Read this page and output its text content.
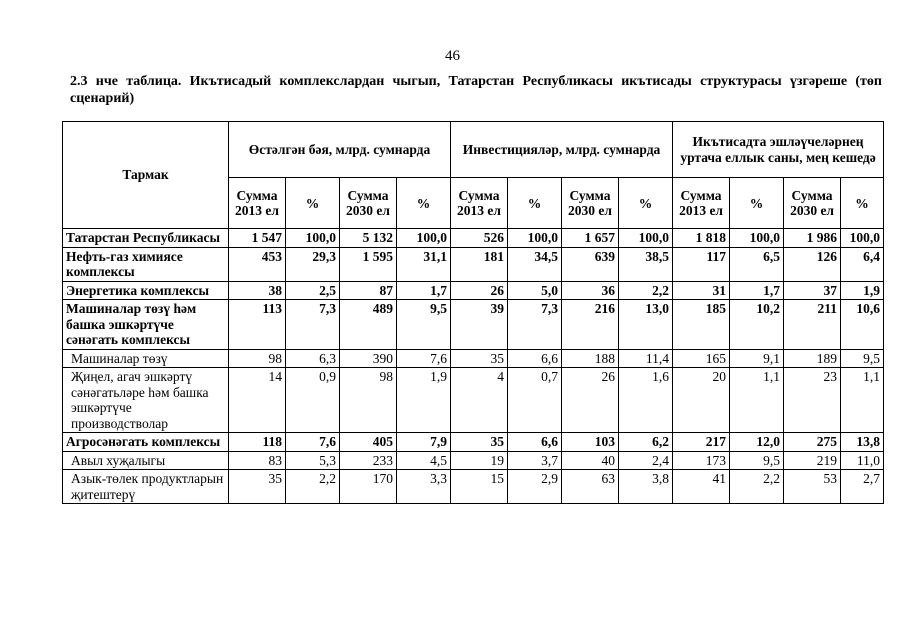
46
2.3 нче таблица. Икътисадый комплекслардан чыгып, Татарстан Республикасы икътисады структурасы үзгәреше (төп сценарий)
Тармак	Өстәлгән бәя, млрд. сумнарда				Инвестицияләр, млрд. сумнарда				Икътисадта эшләүчеләрнең уртача еллык саны, мең кешедә			
	Сумма 2013 ел	%	Сумма 2030 ел	%	Сумма 2013 ел	%	Сумма 2030 ел	%	Сумма 2013 ел	%	Сумма 2030 ел	%
Татарстан Республикасы	1 547	100,0	5 132	100,0	526	100,0	1 657	100,0	1 818	100,0	1 986	100,0
Нефть-газ химиясе комплексы	453	29,3	1 595	31,1	181	34,5	639	38,5	117	6,5	126	6,4
Энергетика комплексы	38	2,5	87	1,7	26	5,0	36	2,2	31	1,7	37	1,9
Машиналар төзү һәм башка эшкәртүче сәнәгать комплексы	113	7,3	489	9,5	39	7,3	216	13,0	185	10,2	211	10,6
Машиналар төзү	98	6,3	390	7,6	35	6,6	188	11,4	165	9,1	189	9,5
Җиңел, агач эшкәртү сәнәгатьләре һәм башка эшкәртүче производстволар	14	0,9	98	1,9	4	0,7	26	1,6	20	1,1	23	1,1
Агросәнәгать комплексы	118	7,6	405	7,9	35	6,6	103	6,2	217	12,0	275	13,8
Авыл хуҗалыгы	83	5,3	233	4,5	19	3,7	40	2,4	173	9,5	219	11,0
Азык-төлек продуктларын җитештерү	35	2,2	170	3,3	15	2,9	63	3,8	41	2,2	53	2,7
